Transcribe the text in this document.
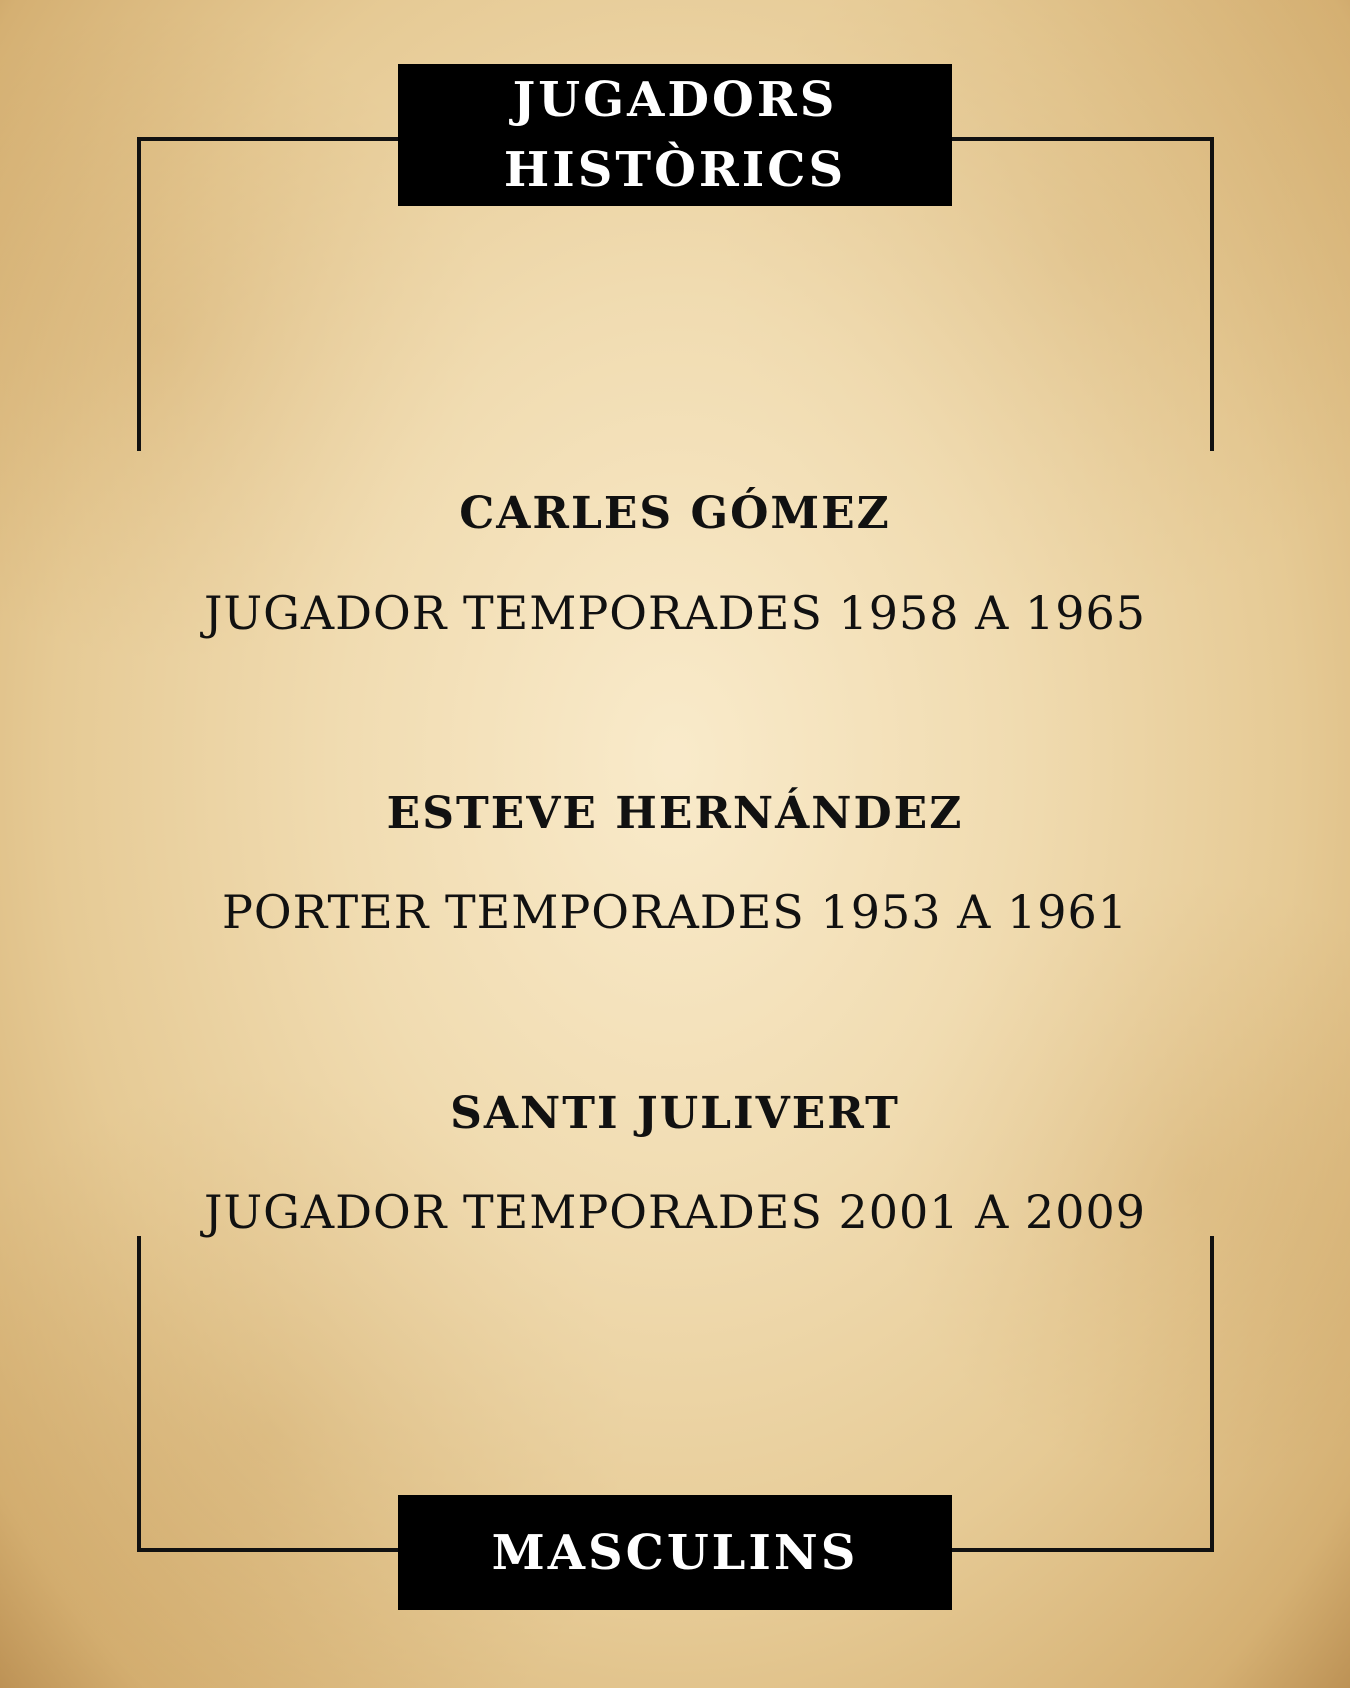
JUGADORS
HISTÒRICS
CARLES GÓMEZ
JUGADOR TEMPORADES 1958 A 1965
ESTEVE HERNÁNDEZ
PORTER TEMPORADES 1953 A 1961
SANTI JULIVERT
JUGADOR TEMPORADES 2001 A 2009
MASCULINS
